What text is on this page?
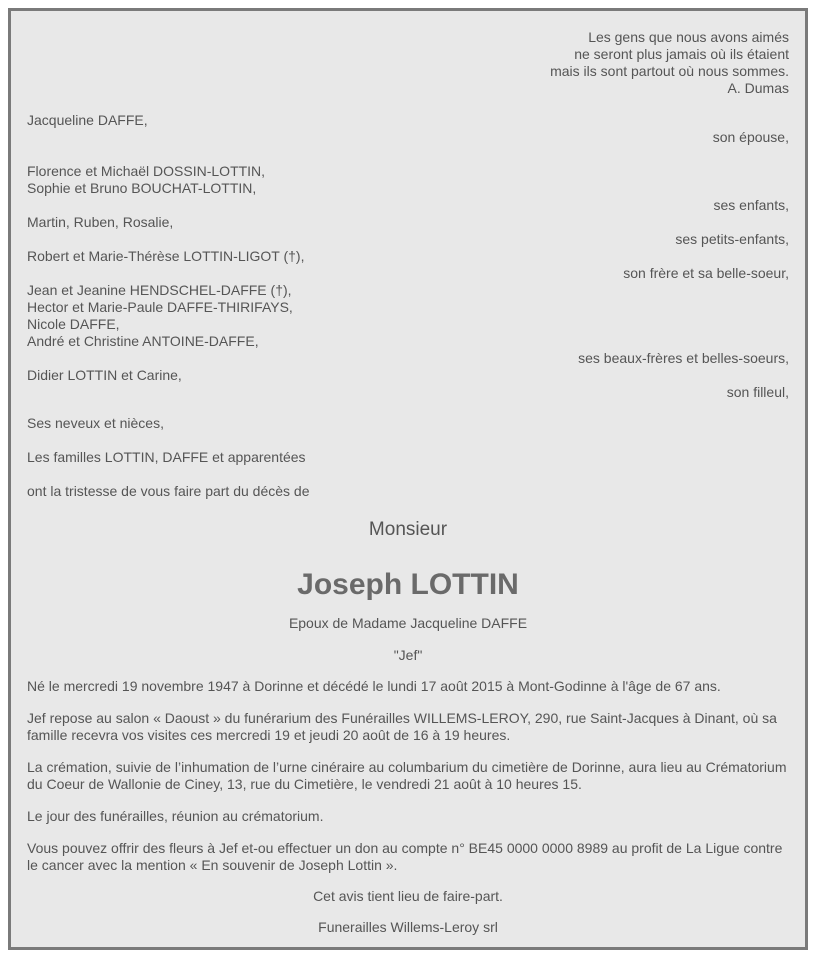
Les gens que nous avons aimés
ne seront plus jamais où ils étaient
mais ils sont partout où nous sommes.
A. Dumas

Jacqueline DAFFE,

son épouse,

Florence et Michaël DOSSIN-LOTTIN,

Sophie et Bruno BOUCHAT-LOTTIN,

ses enfants,

Martin, Ruben, Rosalie,

ses petits-enfants,

Robert et Marie-Thérèse LOTTIN-LIGOT (†),

son frère et sa belle-soeur,

Jean et Jeanine HENDSCHEL-DAFFE (†),

Hector et Marie-Paule DAFFE-THIRIFAYS,

Nicole DAFFE,

André et Christine ANTOINE-DAFFE,

ses beaux-frères et belles-soeurs,

Didier LOTTIN et Carine,

son filleul,

Ses neveux et nièces,

Les familles LOTTIN, DAFFE et apparentées

ont la tristesse de vous faire part du décès de

Monsieur
Joseph LOTTIN

Epoux de Madame Jacqueline DAFFE

"Jef"

Né le mercredi 19 novembre 1947 à Dorinne et décédé le lundi 17 août 2015 à Mont-Godinne à l'âge de 67 ans.

Jef repose au salon « Daoust » du funérarium des Funérailles WILLEMS-LEROY, 290, rue Saint-Jacques à Dinant, où sa famille recevra vos visites ces mercredi 19 et jeudi 20 août de 16 à 19 heures.

La crémation, suivie de l’inhumation de l’urne cinéraire au columbarium du cimetière de Dorinne, aura lieu au Crématorium du Coeur de Wallonie de Ciney, 13, rue du Cimetière, le vendredi 21 août à 10 heures 15.

Le jour des funérailles, réunion au crématorium.

Vous pouvez offrir des fleurs à Jef et-ou effectuer un don au compte n° BE45 0000 0000 8989 au profit de La Ligue contre le cancer avec la mention « En souvenir de Joseph Lottin ».

Cet avis tient lieu de faire-part.

Funerailles Willems-Leroy srl
